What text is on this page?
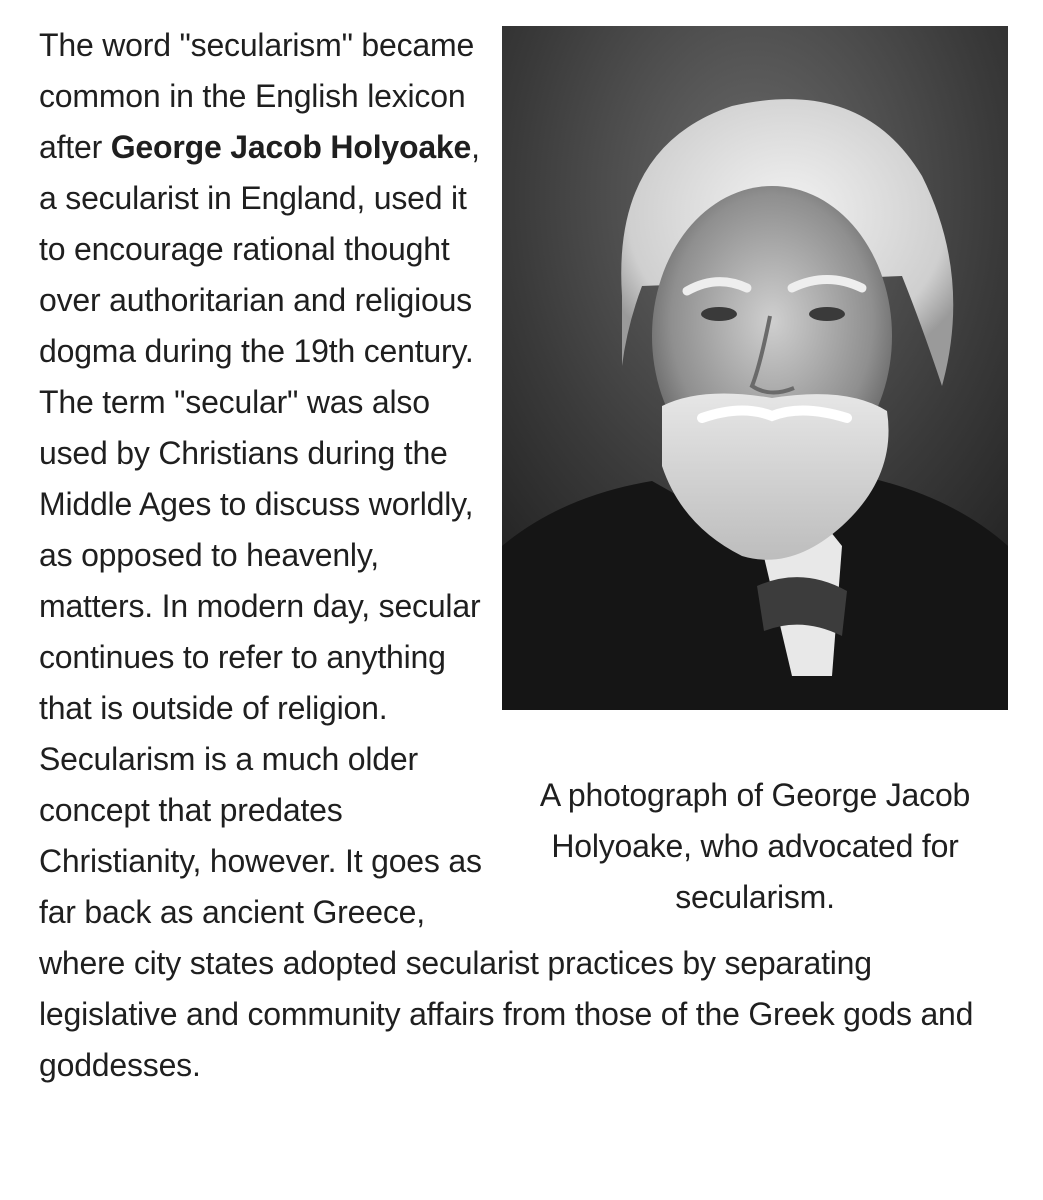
A photograph of George Jacob Holyoake, who advocated for secularism.

The word "secularism" became common in the English lexicon after George Jacob Holyoake, a secularist in England, used it to encourage rational thought over authoritarian and religious dogma during the 19th century. The term "secular" was also used by Christians during the Middle Ages to discuss worldly, as opposed to heavenly, matters. In modern day, secular continues to refer to anything that is outside of religion. Secularism is a much older concept that predates Christianity, however. It goes as far back as ancient Greece, where city states adopted secularist practices by separating legislative and community affairs from those of the Greek gods and goddesses.
